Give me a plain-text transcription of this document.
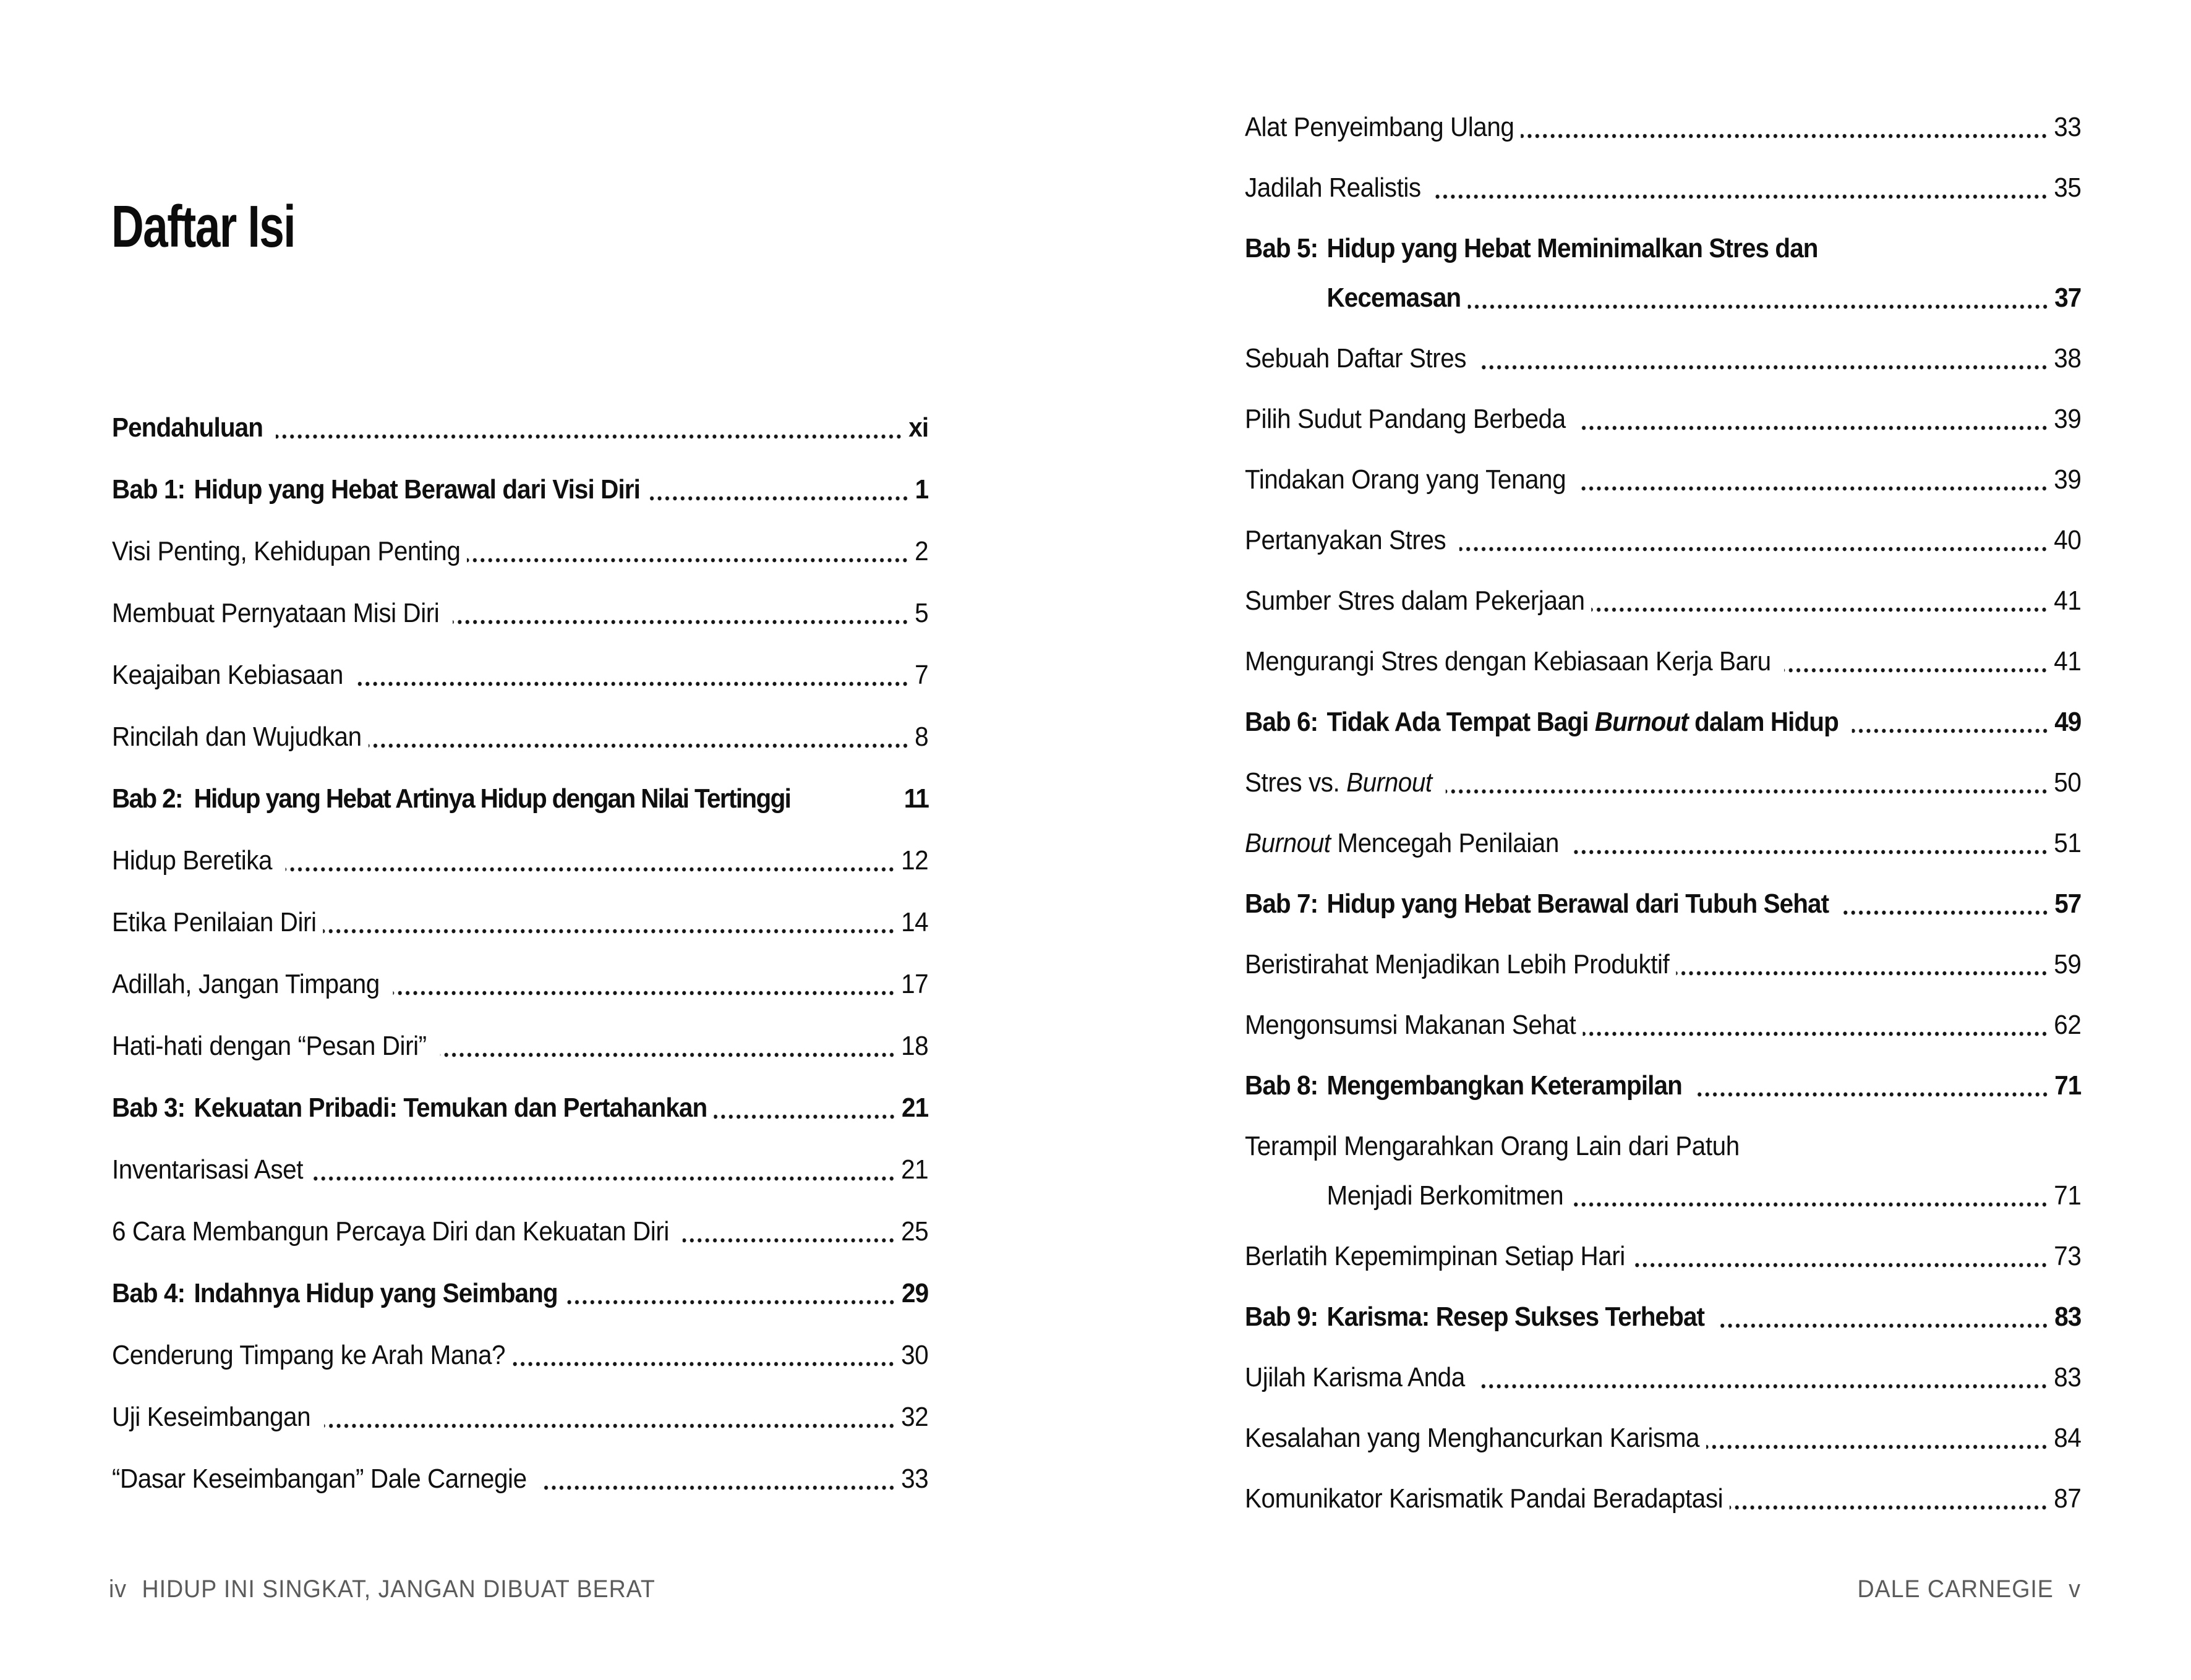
Daftar Isi
Pendahuluan	xi
Bab 1: Hidup yang Hebat Berawal dari Visi Diri	1
Visi Penting, Kehidupan Penting	2
Membuat Pernyataan Misi Diri	5
Keajaiban Kebiasaan	7
Rincilah dan Wujudkan	8
Bab 2: Hidup yang Hebat Artinya Hidup dengan Nilai Tertinggi	11
Hidup Beretika	12
Etika Penilaian Diri	14
Adillah, Jangan Timpang	17
Hati-hati dengan “Pesan Diri”	18
Bab 3: Kekuatan Pribadi: Temukan dan Pertahankan	21
Inventarisasi Aset	21
6 Cara Membangun Percaya Diri dan Kekuatan Diri	25
Bab 4: Indahnya Hidup yang Seimbang	29
Cenderung Timpang ke Arah Mana?	30
Uji Keseimbangan	32
“Dasar Keseimbangan” Dale Carnegie	33
Alat Penyeimbang Ulang	33
Jadilah Realistis	35
Bab 5: Hidup yang Hebat Meminimalkan Stres dan
Kecemasan	37
Sebuah Daftar Stres	38
Pilih Sudut Pandang Berbeda	39
Tindakan Orang yang Tenang	39
Pertanyakan Stres	40
Sumber Stres dalam Pekerjaan	41
Mengurangi Stres dengan Kebiasaan Kerja Baru	41
Bab 6: Tidak Ada Tempat Bagi Burnout dalam Hidup	49
Stres vs. Burnout	50
Burnout Mencegah Penilaian	51
Bab 7: Hidup yang Hebat Berawal dari Tubuh Sehat	57
Beristirahat Menjadikan Lebih Produktif	59
Mengonsumsi Makanan Sehat	62
Bab 8: Mengembangkan Keterampilan	71
Terampil Mengarahkan Orang Lain dari Patuh
Menjadi Berkomitmen	71
Berlatih Kepemimpinan Setiap Hari	73
Bab 9: Karisma: Resep Sukses Terhebat	83
Ujilah Karisma Anda	83
Kesalahan yang Menghancurkan Karisma	84
Komunikator Karismatik Pandai Beradaptasi	87
iv HIDUP INI SINGKAT, JANGAN DIBUAT BERAT	DALE CARNEGIE v
